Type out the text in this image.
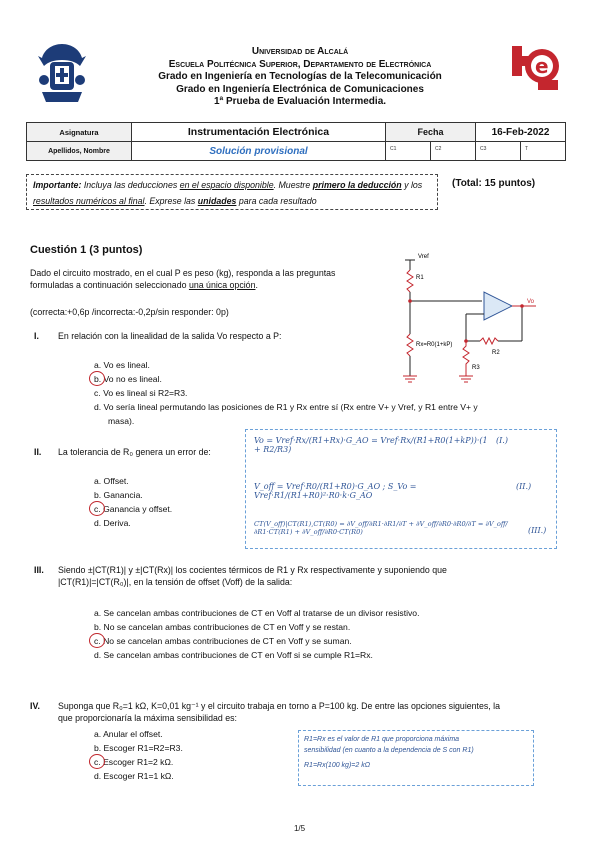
e
Universidad de Alcalá
Escuela Politécnica Superior, Departamento de Electrónica
Grado en Ingeniería en Tecnologías de la Telecomunicación
Grado en Ingeniería Electrónica de Comunicaciones
1ª Prueba de Evaluación Intermedia.
Asignatura	Instrumentación Electrónica	Fecha		16-Feb-2022	
Apellidos, Nombre	Solución provisional	$^{C1}$	$^{C2}$	$^{C3}$	$^T$
Importante: Incluya las deducciones en el espacio disponible. Muestre primero la deducción y los resultados numéricos al final. Exprese las unidades para cada resultado
(Total: 15 puntos)
Cuestión 1 (3 puntos)
Dado el circuito mostrado, en el cual P es peso (kg), responda a las preguntas
formuladas a continuación seleccionado una única opción.
(correcta:+0,6p /incorrecta:-0,2p/sin responder: 0p)
Vref
R1
Rx=R0(1+kP)
R2
R3
Vo
I. En relación con la linealidad de la salida Vo respecto a P:
a. Vo es lineal.
b. Vo no es lineal.
c. Vo es lineal si R2=R3.
d. Vo sería lineal permutando las posiciones de R1 y Rx entre sí (Rx entre V+ y Vref, y R1 entre V+ y
masa).
II. La tolerancia de R₀ genera un error de:
a. Offset.
b. Ganancia.
c. Ganancia y offset.
d. Deriva.
Vo = Vref·Rx/(R1+Rx)·G_AO = Vref·Rx/(R1+R0(1+kP))·(1 + R2/R3)
(I.)
V_off = Vref·R0/(R1+R0)·G_AO ; S_Vo = Vref·R1/(R1+R0)²·R0·k·G_AO
(II.)
CT(V_off)|CT(R1),CT(R0) = ∂V_off/∂R1·∂R1/∂T + ∂V_off/∂R0·∂R0/∂T = ∂V_off/∂R1·CT(R1) + ∂V_off/∂R0·CT(R0)	(III.)
III. Siendo ±|CT(R1)| y ±|CT(Rx)| los cocientes térmicos de R1 y Rx respectivamente y suponiendo que
|CT(R1)|=|CT(R₀)|, en la tensión de offset (Voff) de la salida:
a. Se cancelan ambas contribuciones de CT en Voff al tratarse de un divisor resistivo.
b. No se cancelan ambas contribuciones de CT en Voff y se restan.
c. No se cancelan ambas contribuciones de CT en Voff y se suman.
d. Se cancelan ambas contribuciones de CT en Voff si se cumple R1=Rx.
IV. Suponga que R₀=1 kΩ, K=0,01 kg⁻¹ y el circuito trabaja en torno a P=100 kg. De entre las opciones siguientes, la
que proporcionaría la máxima sensibilidad es:
a. Anular el offset.
b. Escoger R1=R2=R3.
c. Escoger R1=2 kΩ.
d. Escoger R1=1 kΩ.
R1=Rx es el valor de R1 que proporciona máxima
sensibilidad (en cuanto a la dependencia de S con R1)
R1=Rx(100 kg)=2 kΩ
1/5
